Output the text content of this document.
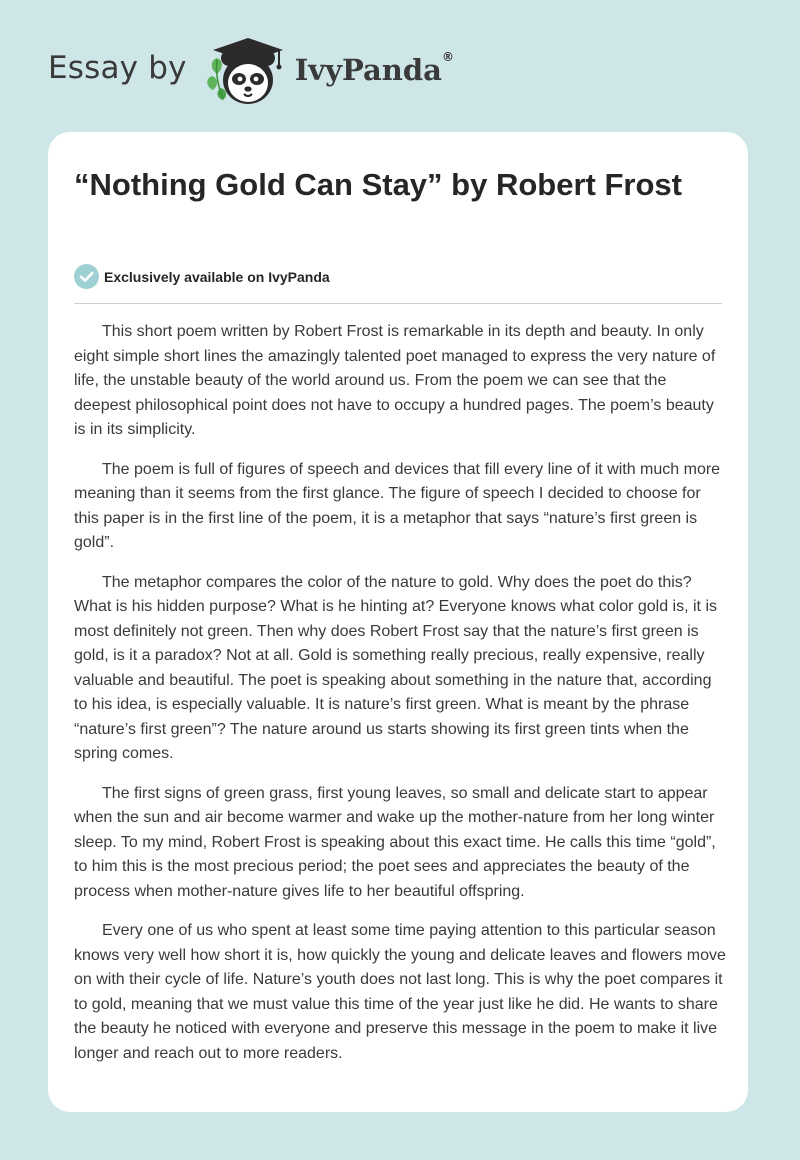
Essay by	IvyPanda®
“Nothing Gold Can Stay” by Robert Frost
Exclusively available on IvyPanda

This short poem written by Robert Frost is remarkable in its depth and beauty. In only eight simple short lines the amazingly talented poet managed to express the very nature of life, the unstable beauty of the world around us. From the poem we can see that the deepest philosophical point does not have to occupy a hundred pages. The poem’s beauty is in its simplicity.

The poem is full of figures of speech and devices that fill every line of it with much more meaning than it seems from the first glance. The figure of speech I decided to choose for this paper is in the first line of the poem, it is a metaphor that says “nature’s first green is gold”.

The metaphor compares the color of the nature to gold. Why does the poet do this? What is his hidden purpose? What is he hinting at? Everyone knows what color gold is, it is most definitely not green. Then why does Robert Frost say that the nature’s first green is gold, is it a paradox? Not at all. Gold is something really precious, really expensive, really valuable and beautiful. The poet is speaking about something in the nature that, according to his idea, is especially valuable. It is nature’s first green. What is meant by the phrase “nature’s first green”? The nature around us starts showing its first green tints when the spring comes.

The first signs of green grass, first young leaves, so small and delicate start to appear when the sun and air become warmer and wake up the mother-nature from her long winter sleep. To my mind, Robert Frost is speaking about this exact time. He calls this time “gold”, to him this is the most precious period; the poet sees and appreciates the beauty of the process when mother-nature gives life to her beautiful offspring.

Every one of us who spent at least some time paying attention to this particular season knows very well how short it is, how quickly the young and delicate leaves and flowers move on with their cycle of life. Nature’s youth does not last long. This is why the poet compares it to gold, meaning that we must value this time of the year just like he did. He wants to share the beauty he noticed with everyone and preserve this message in the poem to make it live longer and reach out to more readers.
